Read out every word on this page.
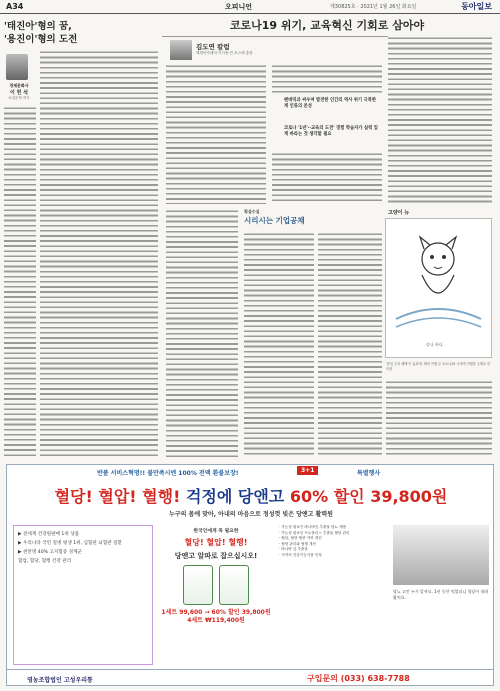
A34	오피니언	제30825호 · 2021년 1월 26일 화요일	동아일보
'태진아'형의 꿈,
'용진이'형의 도전
경제문화사
이 헌 석
소설문학 작가
코로나19 위기, 교육혁신 기회로 삼아야
김도연 칼럼
태재아카데미 이사장·전 포스텍 총장
팬데믹과 싸우며 발전한 인간의 역사 위기 극복한 게 인류의 본성
코로나 '1년'··교육의 도전' 경험 학습자가 실력 있게 바라는 것 생각할 필요
횡설수설
시리시는 기업공채
고양이 뉴
송나 바다
'몰입 주의 혜택'이 효과에. 해외 여행 등 코로나19 시대에 여행을 주제로 한 작품
반품 서비스혁명!! 불만족시엔 100% 전액 환불보장!	3+1	특별행사
혈당! 혈압! 혈행! 걱정에 당앤고 60% 할인 39,800원
누구의 몸에 맞아, 아내의 마음으로 정성껏 빚은 당앤고 활력원
▶ 전세계 건강원판매 1위 상품
▶ 우리나라 국민 질병 평생 1위, 심혈관 뇌혈관 질환
▶ 천만명 40% 고지혈증 경계군
혈압, 혈당, 혈행 건강 관리
한국인에게 꼭 필요한
혈당! 혈압! 혈행!
당앤고 알파로 잡으십시오!
1세트 99,600 → 60% 할인 39,800원
4세트 ₩119,400원
· 가능성 원료인 바나바잎 추출물 당뇨 예방
· 가능성 원료인 프로폴리스 추출물 혈당 관리
· 혈압, 혈당 혈중 자연 개선
· 혈당 관리와 혈행 개선
· 바나바 잎 추출물
· 식약처 건강기능식품 인정
당뇨 고민 누가 알까요. 1년 동안 먹었더니 혈당이 내려왔어요.
영농조합법인 고성우리통	구입문의 (033) 638-7788
